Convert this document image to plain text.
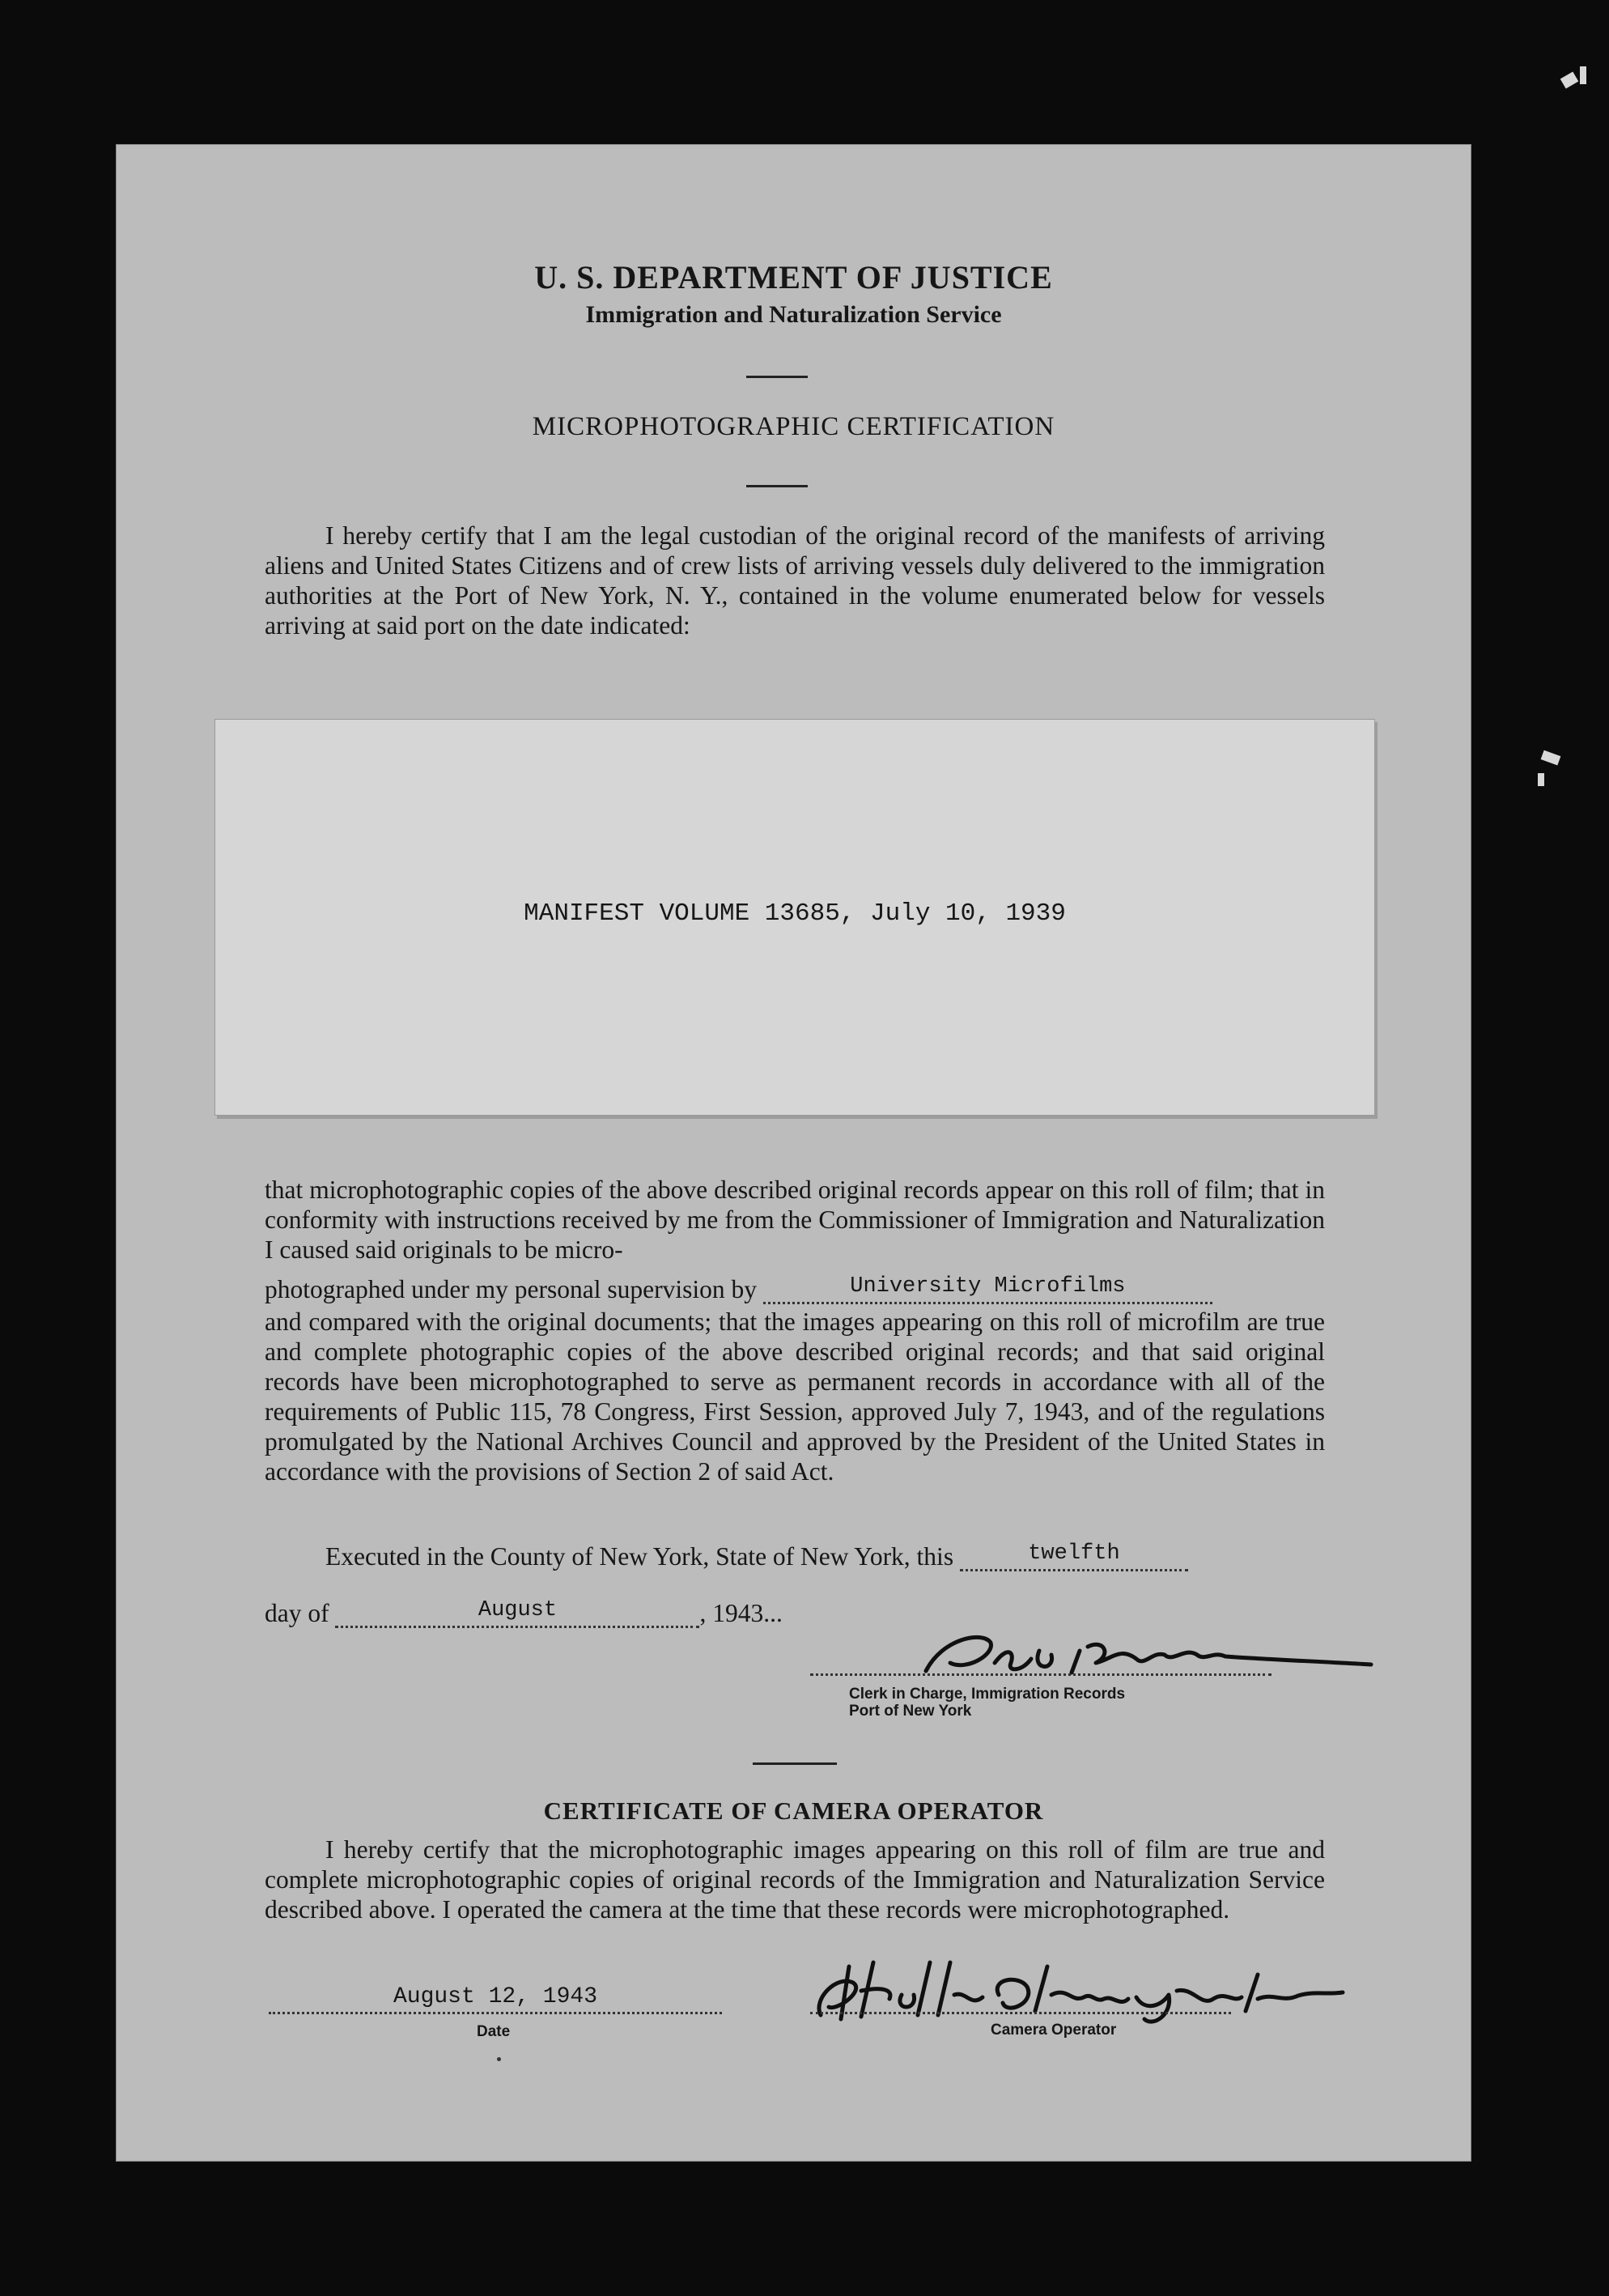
U. S. DEPARTMENT OF JUSTICE
Immigration and Naturalization Service
MICROPHOTOGRAPHIC CERTIFICATION
I hereby certify that I am the legal custodian of the original record of the manifests of arriving aliens and United States Citizens and of crew lists of arriving vessels duly delivered to the immigration authorities at the Port of New York, N. Y., contained in the volume enumerated below for vessels arriving at said port on the date indicated:
MANIFEST VOLUME 13685, July 10, 1939
that microphotographic copies of the above described original records appear on this roll of film; that in conformity with instructions received by me from the Commissioner of Immigration and Naturalization I caused said originals to be micro-
photographed under my personal supervision by	University Microfilms
and compared with the original documents; that the images appearing on this roll of microfilm are true and complete photographic copies of the above described original records; and that said original records have been microphotographed to serve as permanent records in accordance with all of the requirements of Public 115, 78 Congress, First Session, approved July 7, 1943, and of the regulations promulgated by the National Archives Council and approved by the President of the United States in accordance with the provisions of Section 2 of said Act.
Executed in the County of New York, State of New York, this	twelfth
day of	August	, 1943...
Clerk in Charge, Immigration Records
Port of New York
CERTIFICATE OF CAMERA OPERATOR
I hereby certify that the microphotographic images appearing on this roll of film are true and complete microphotographic copies of original records of the Immigration and Naturalization Service described above. I operated the camera at the time that these records were microphotographed.
August 12, 1943
Date	Camera Operator
